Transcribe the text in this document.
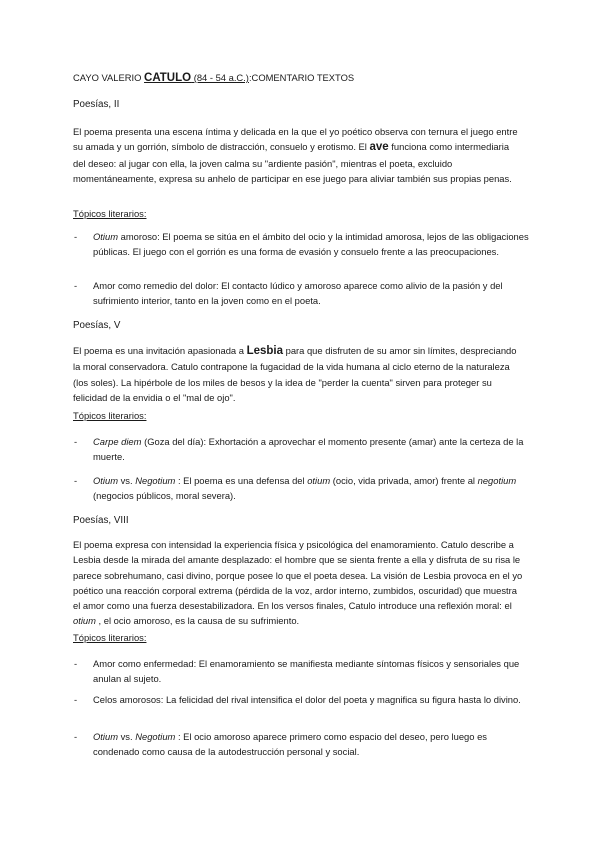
CAYO VALERIO CATULO (84 - 54 a.C.):COMENTARIO TEXTOS
Poesías, II
El poema presenta una escena íntima y delicada en la que el yo poético observa con ternura el juego entre su amada y un gorrión, símbolo de distracción, consuelo y erotismo. El ave funciona como intermediaria del deseo: al jugar con ella, la joven calma su "ardiente pasión", mientras el poeta, excluido momentáneamente, expresa su anhelo de participar en ese juego para aliviar también sus propias penas.
Tópicos literarios:
- Otium amoroso: El poema se sitúa en el ámbito del ocio y la intimidad amorosa, lejos de las obligaciones públicas. El juego con el gorrión es una forma de evasión y consuelo frente a las preocupaciones.
- Amor como remedio del dolor: El contacto lúdico y amoroso aparece como alivio de la pasión y del sufrimiento interior, tanto en la joven como en el poeta.
Poesías, V
El poema es una invitación apasionada a Lesbia para que disfruten de su amor sin límites, despreciando la moral conservadora. Catulo contrapone la fugacidad de la vida humana al ciclo eterno de la naturaleza (los soles). La hipérbole de los miles de besos y la idea de "perder la cuenta" sirven para proteger su felicidad de la envidia o el "mal de ojo".
Tópicos literarios:
- Carpe diem (Goza del día): Exhortación a aprovechar el momento presente (amar) ante la certeza de la muerte.
- Otium vs. Negotium : El poema es una defensa del otium (ocio, vida privada, amor) frente al negotium (negocios públicos, moral severa).
Poesías, VIII
El poema expresa con intensidad la experiencia física y psicológica del enamoramiento. Catulo describe a Lesbia desde la mirada del amante desplazado: el hombre que se sienta frente a ella y disfruta de su risa le parece sobrehumano, casi divino, porque posee lo que el poeta desea. La visión de Lesbia provoca en el yo poético una reacción corporal extrema (pérdida de la voz, ardor interno, zumbidos, oscuridad) que muestra el amor como una fuerza desestabilizadora. En los versos finales, Catulo introduce una reflexión moral: el otium , el ocio amoroso, es la causa de su sufrimiento.
Tópicos literarios:
- Amor como enfermedad: El enamoramiento se manifiesta mediante síntomas físicos y sensoriales que anulan al sujeto.
- Celos amorosos: La felicidad del rival intensifica el dolor del poeta y magnifica su figura hasta lo divino.
- Otium vs. Negotium : El ocio amoroso aparece primero como espacio del deseo, pero luego es condenado como causa de la autodestrucción personal y social.
